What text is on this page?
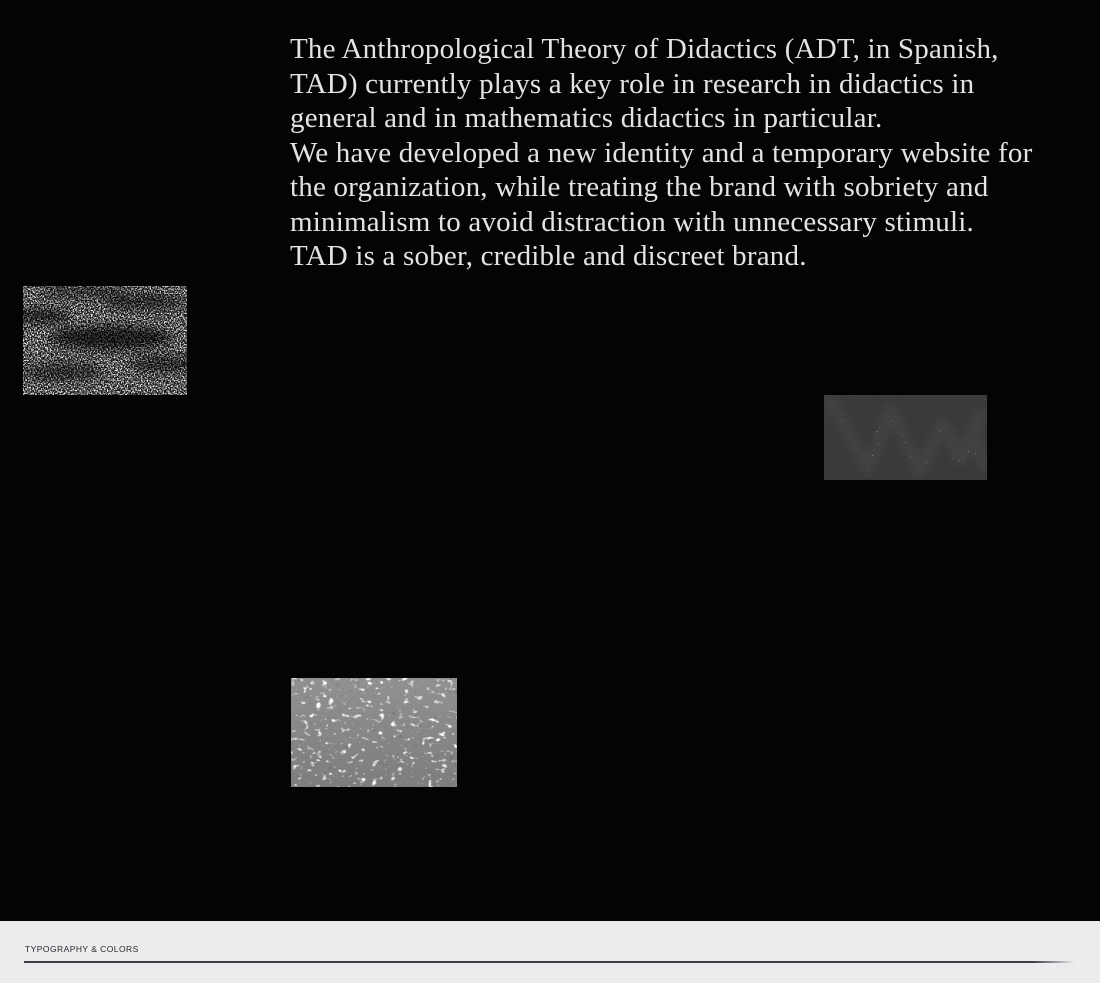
The Anthropological Theory of Didactics (ADT, in Spanish,
TAD) currently plays a key role in research in didactics in
general and in mathematics didactics in particular.
We have developed a new identity and a temporary website for
the organization, while treating the brand with sobriety and
minimalism to avoid distraction with unnecessary stimuli.
TAD is a sober, credible and discreet brand.

TYPOGRAPHY & COLORS
